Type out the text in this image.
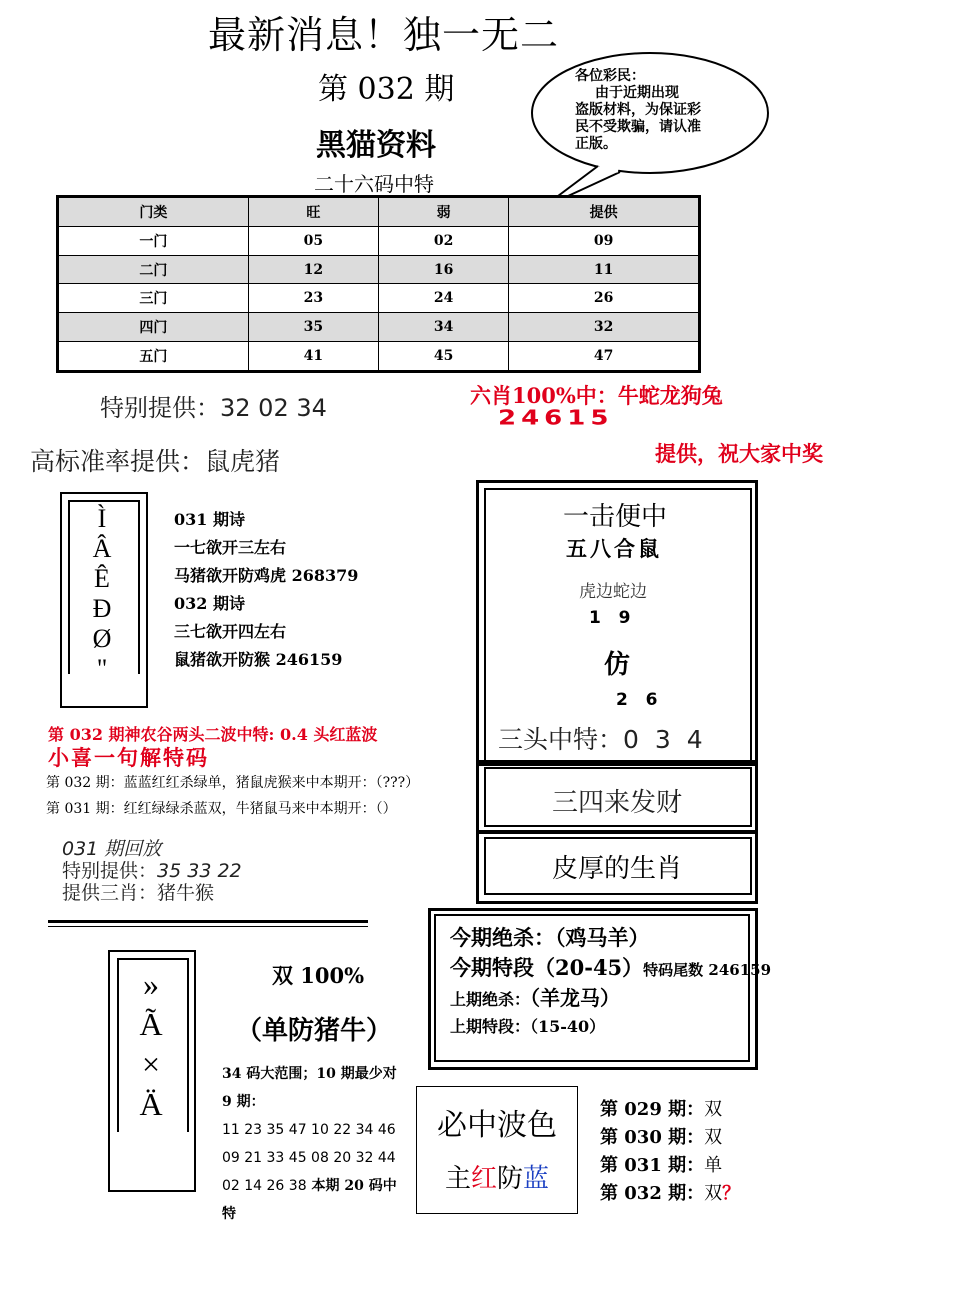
最新消息！独一无二
第 032 期
黑猫资料
二十六码中特
各位彩民：
由于近期出现
盗版材料，为保证彩
民不受欺骗，请认准
正版。
门类	旺	弱	提供
一门	05	02	09
二门	12	16	11
三门	23	24	26
四门	35	34	32
五门	41	45	47
特别提供：32 02 34	六肖100%中：牛蛇龙狗兔
24615
提供，祝大家中奖
高标准率提供：鼠虎猪
Ì
Â
Ê
Ð
Ø
"
031 期诗
一七欲开三左右
马猪欲开防鸡虎 268379
032 期诗
三七欲开四左右
鼠猪欲开防猴 246159
第 032 期神农谷两头二波中特: 0.4 头红蓝波
小喜一句解特码
第 032 期：蓝蓝红红杀绿单，猪鼠虎猴来中本期开：（???）
第 031 期：红红绿绿杀蓝双，牛猪鼠马来中本期开：（）
031 期回放
特别提供：35 33 22
提供三肖：猪牛猴
一击便中
五八合鼠
虎边蛇边
1   9
仿
2   6
三头中特：0 3 4
三四来发财
皮厚的生肖
今期绝杀：（鸡马羊）
今期特段（20-45）特码尾数 246159
上期绝杀：（羊龙马）
上期特段：（15-40）
»
Ã
×
Ä
双 100%
（单防猪牛）
34 码大范围；10 期最少对
9 期：
11 23 35 47 10 22 34 46
09 21 33 45 08 20 32 44
02 14 26 38 本期 20 码中
特
必中波色
主红防蓝
第 029 期：双
第 030 期：双
第 031 期：单
第 032 期：双？
